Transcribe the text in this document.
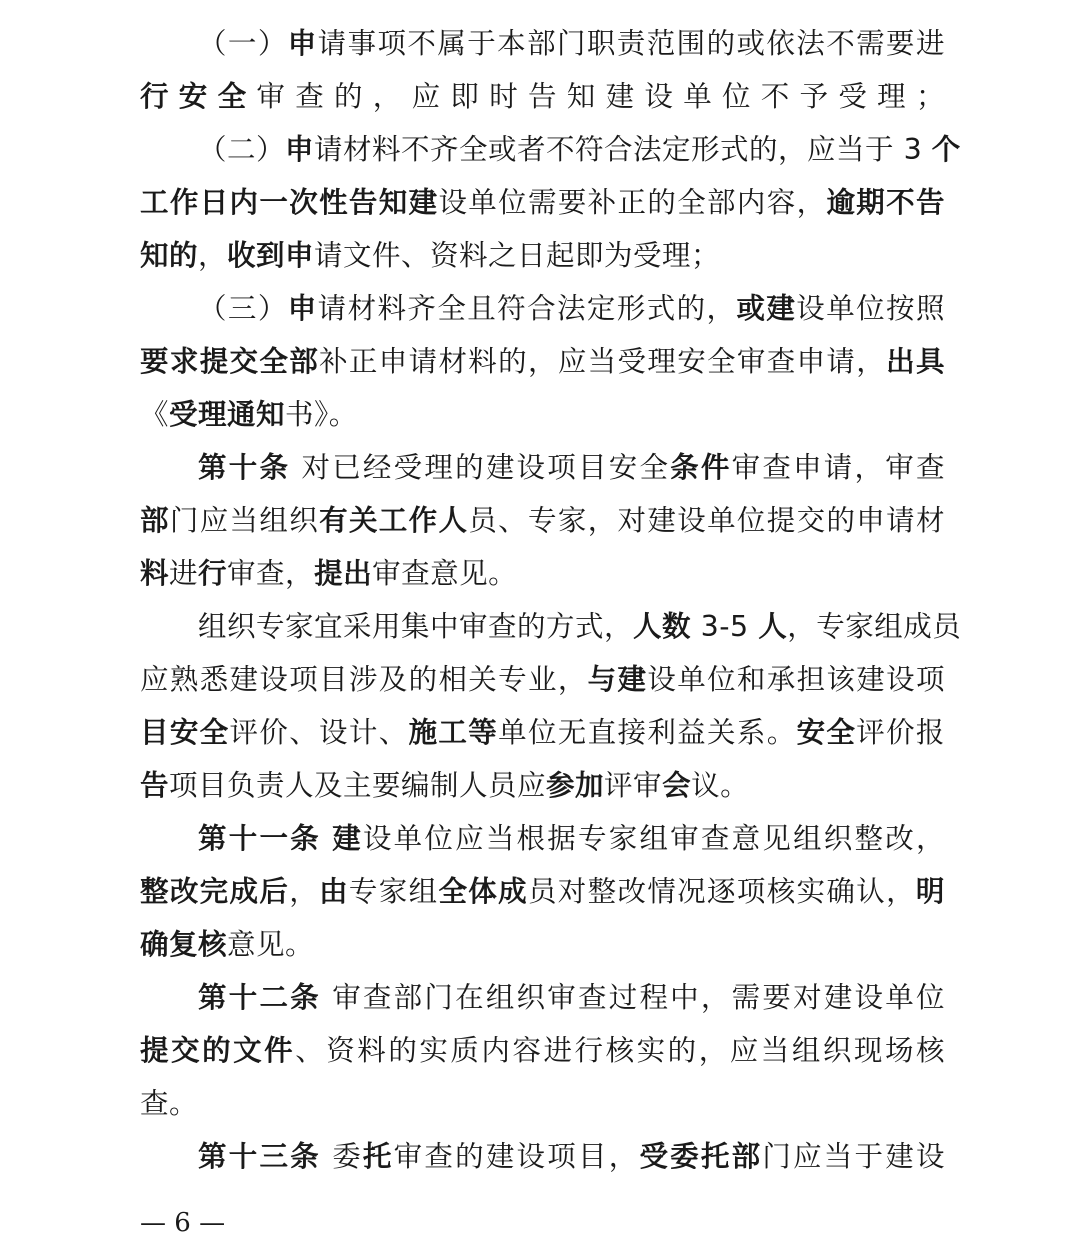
（一）申请事项不属于本部门职责范围的或依法不需要进
行安全审查的，应即时告知建设单位不予受理；
（二）申请材料不齐全或者不符合法定形式的，应当于 3 个
工作日内一次性告知建设单位需要补正的全部内容，逾期不告
知的，收到申请文件、资料之日起即为受理；
（三）申请材料齐全且符合法定形式的，或建设单位按照
要求提交全部补正申请材料的，应当受理安全审查申请，出具
《受理通知书》。
第十条 对已经受理的建设项目安全条件审查申请，审查
部门应当组织有关工作人员、专家，对建设单位提交的申请材
料进行审查，提出审查意见。
组织专家宜采用集中审查的方式，人数 3-5 人，专家组成员
应熟悉建设项目涉及的相关专业，与建设单位和承担该建设项
目安全评价、设计、施工等单位无直接利益关系。安全评价报
告项目负责人及主要编制人员应参加评审会议。
第十一条 建设单位应当根据专家组审查意见组织整改，
整改完成后，由专家组全体成员对整改情况逐项核实确认，明
确复核意见。
第十二条 审查部门在组织审查过程中，需要对建设单位
提交的文件、资料的实质内容进行核实的，应当组织现场核
查。
第十三条 委托审查的建设项目，受委托部门应当于建设
— 6 —
